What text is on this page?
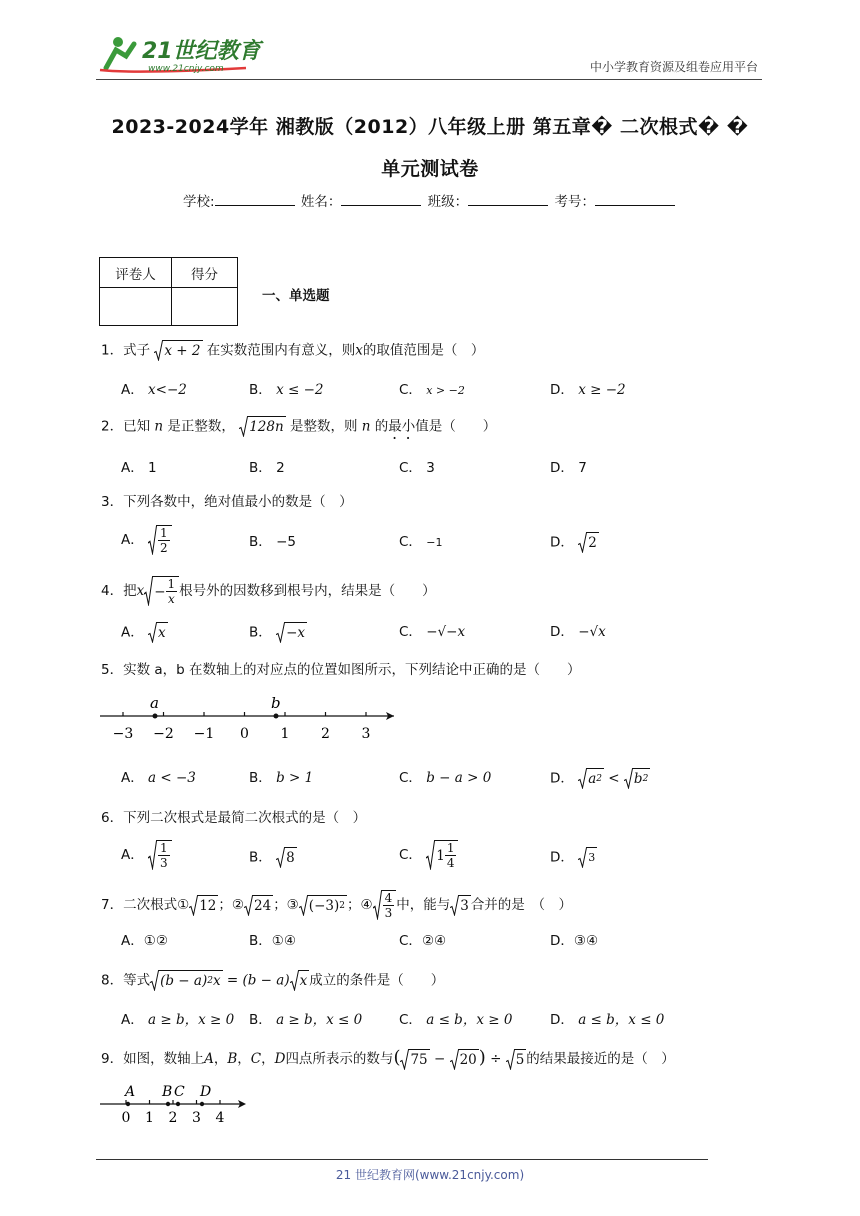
21世纪教育
www.21cnjy.com	中小学教育资源及组卷应用平台
2023-2024学年 湘教版（2012）八年级上册 第五章� 二次根式� �
单元测试卷
学校:	姓名：	班级：	考号：
评卷人	得分

一、单选题
1．式子 x + 2 在实数范围内有意义，则x的取值范围是（　）
A． x<−2	B． x ≤ −2	C． x > −2	D． x ≥ −2
2．已知 n 是正整数， 128n 是整数，则 n 的最小值是（　　）
A． 1	B． 2	C． 3	D． 7
3．下列各数中，绝对值最小的数是（　）
A． $\frac{1}{2}$	B． −5	C． −1	D． 2
4．把$x - \frac{1}{x}$ 根号外的因数移到根号内，结果是（　　）
A． x	B． −x	C． −√−x	D． −√x
5．实数 a，b 在数轴上的对应点的位置如图所示，下列结论中正确的是（　　）
−3 −2 −1 0 1 2 3
a	b
A． a < −3	B． b > 1	C． b − a > 0	D． a 2 < b 2
6．下列二次根式是最简二次根式的是（　）
A． $\frac{1}{3}$	B． 8	C． $1 \frac{1}{4}$	D． 3
7．二次根式① 12 ；② 24 ；③ (−3) 2 ；④ $\frac{4}{3}$ 中，能与 3 合并的是　（　）
A．①②	B．①④	C．②④	D．③④
8．等式 (b − a) 2 x = (b − a) x 成立的条件是（　　）
A． a ≥ b，x ≥ 0 B． a ≥ b，x ≤ 0	C． a ≤ b，x ≥ 0	D． a ≤ b，x ≤ 0
9．如图，数轴上A，B，C，D四点所表示的数与( 75 − 20 ) ÷ 5 的结果最接近的是（　）
0 1 2 3 4
A B C D
21 世纪教育网(www.21cnjy.com)
